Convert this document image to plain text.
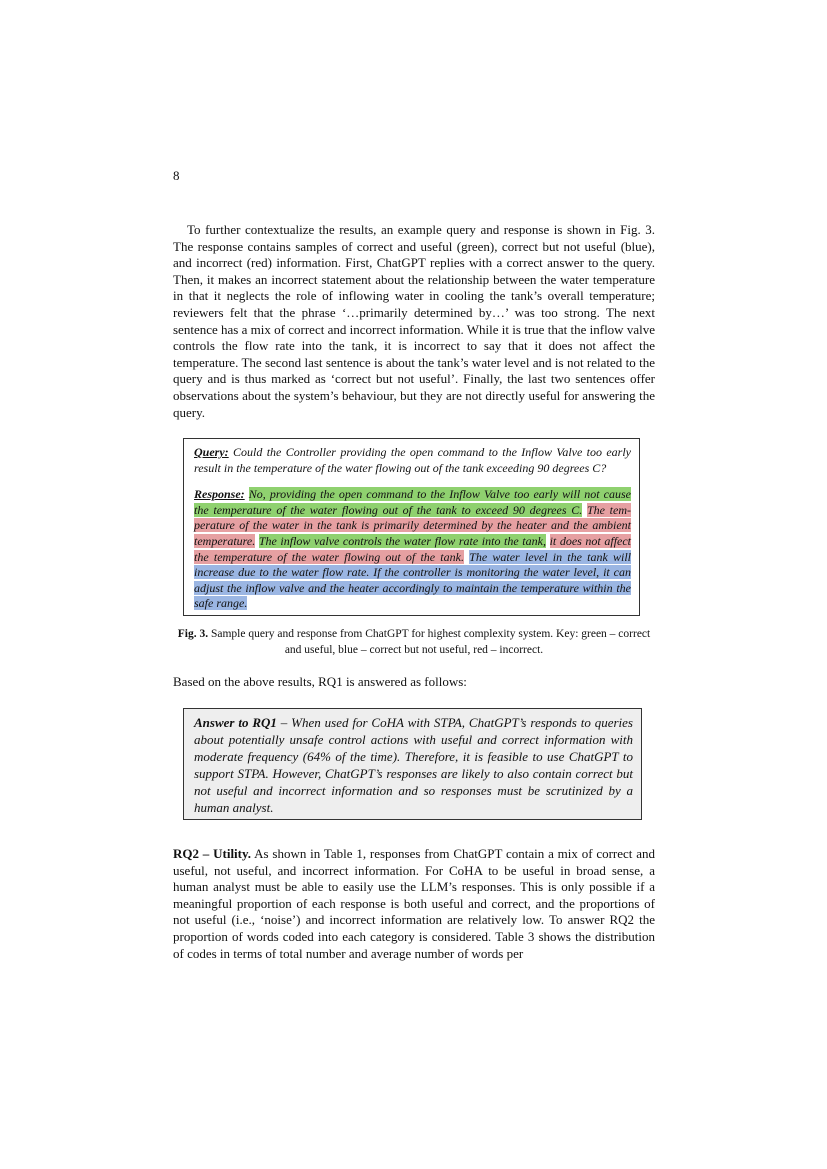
8

To further contextualize the results, an example query and response is shown in Fig. 3. The response contains samples of correct and useful (green), correct but not useful (blue), and incorrect (red) information. First, ChatGPT replies with a correct answer to the query. Then, it makes an incorrect statement about the relationship between the water temperature in that it neglects the role of inflowing water in cooling the tank’s overall temperature; reviewers felt that the phrase ‘…primarily determined by…’ was too strong. The next sentence has a mix of correct and incorrect information. While it is true that the inflow valve controls the flow rate into the tank, it is incorrect to say that it does not affect the temperature. The second last sentence is about the tank’s water level and is not related to the query and is thus marked as ‘correct but not useful’. Finally, the last two sentences offer observations about the system’s behaviour, but they are not directly useful for answering the query.

Query: Could the Controller providing the open command to the Inflow Valve too early result in the temperature of the water flowing out of the tank exceeding 90 degrees C?

Response: No, providing the open command to the Inflow Valve too early will not cause the temperature of the water flowing out of the tank to exceed 90 degrees C. The temperature of the water in the tank is primarily determined by the heater and the ambient temperature. The inflow valve controls the water flow rate into the tank, it does not affect the temperature of the water flowing out of the tank. The water level in the tank will increase due to the water flow rate. If the controller is monitoring the water level, it can adjust the inflow valve and the heater accordingly to maintain the temperature within the safe range.

Fig. 3. Sample query and response from ChatGPT for highest complexity system. Key: green – correct and useful, blue – correct but not useful, red – incorrect.

Based on the above results, RQ1 is answered as follows:

Answer to RQ1 – When used for CoHA with STPA, ChatGPT’s responds to queries about potentially unsafe control actions with useful and correct information with moderate frequency (64% of the time). Therefore, it is feasible to use ChatGPT to support STPA. However, ChatGPT’s responses are likely to also contain correct but not useful and incorrect information and so responses must be scrutinized by a human analyst.

RQ2 – Utility. As shown in Table 1, responses from ChatGPT contain a mix of correct and useful, not useful, and incorrect information. For CoHA to be useful in broad sense, a human analyst must be able to easily use the LLM’s responses. This is only possible if a meaningful proportion of each response is both useful and correct, and the proportions of not useful (i.e., ‘noise’) and incorrect information are relatively low. To answer RQ2 the proportion of words coded into each category is considered. Table 3 shows the distribution of codes in terms of total number and average number of words per
